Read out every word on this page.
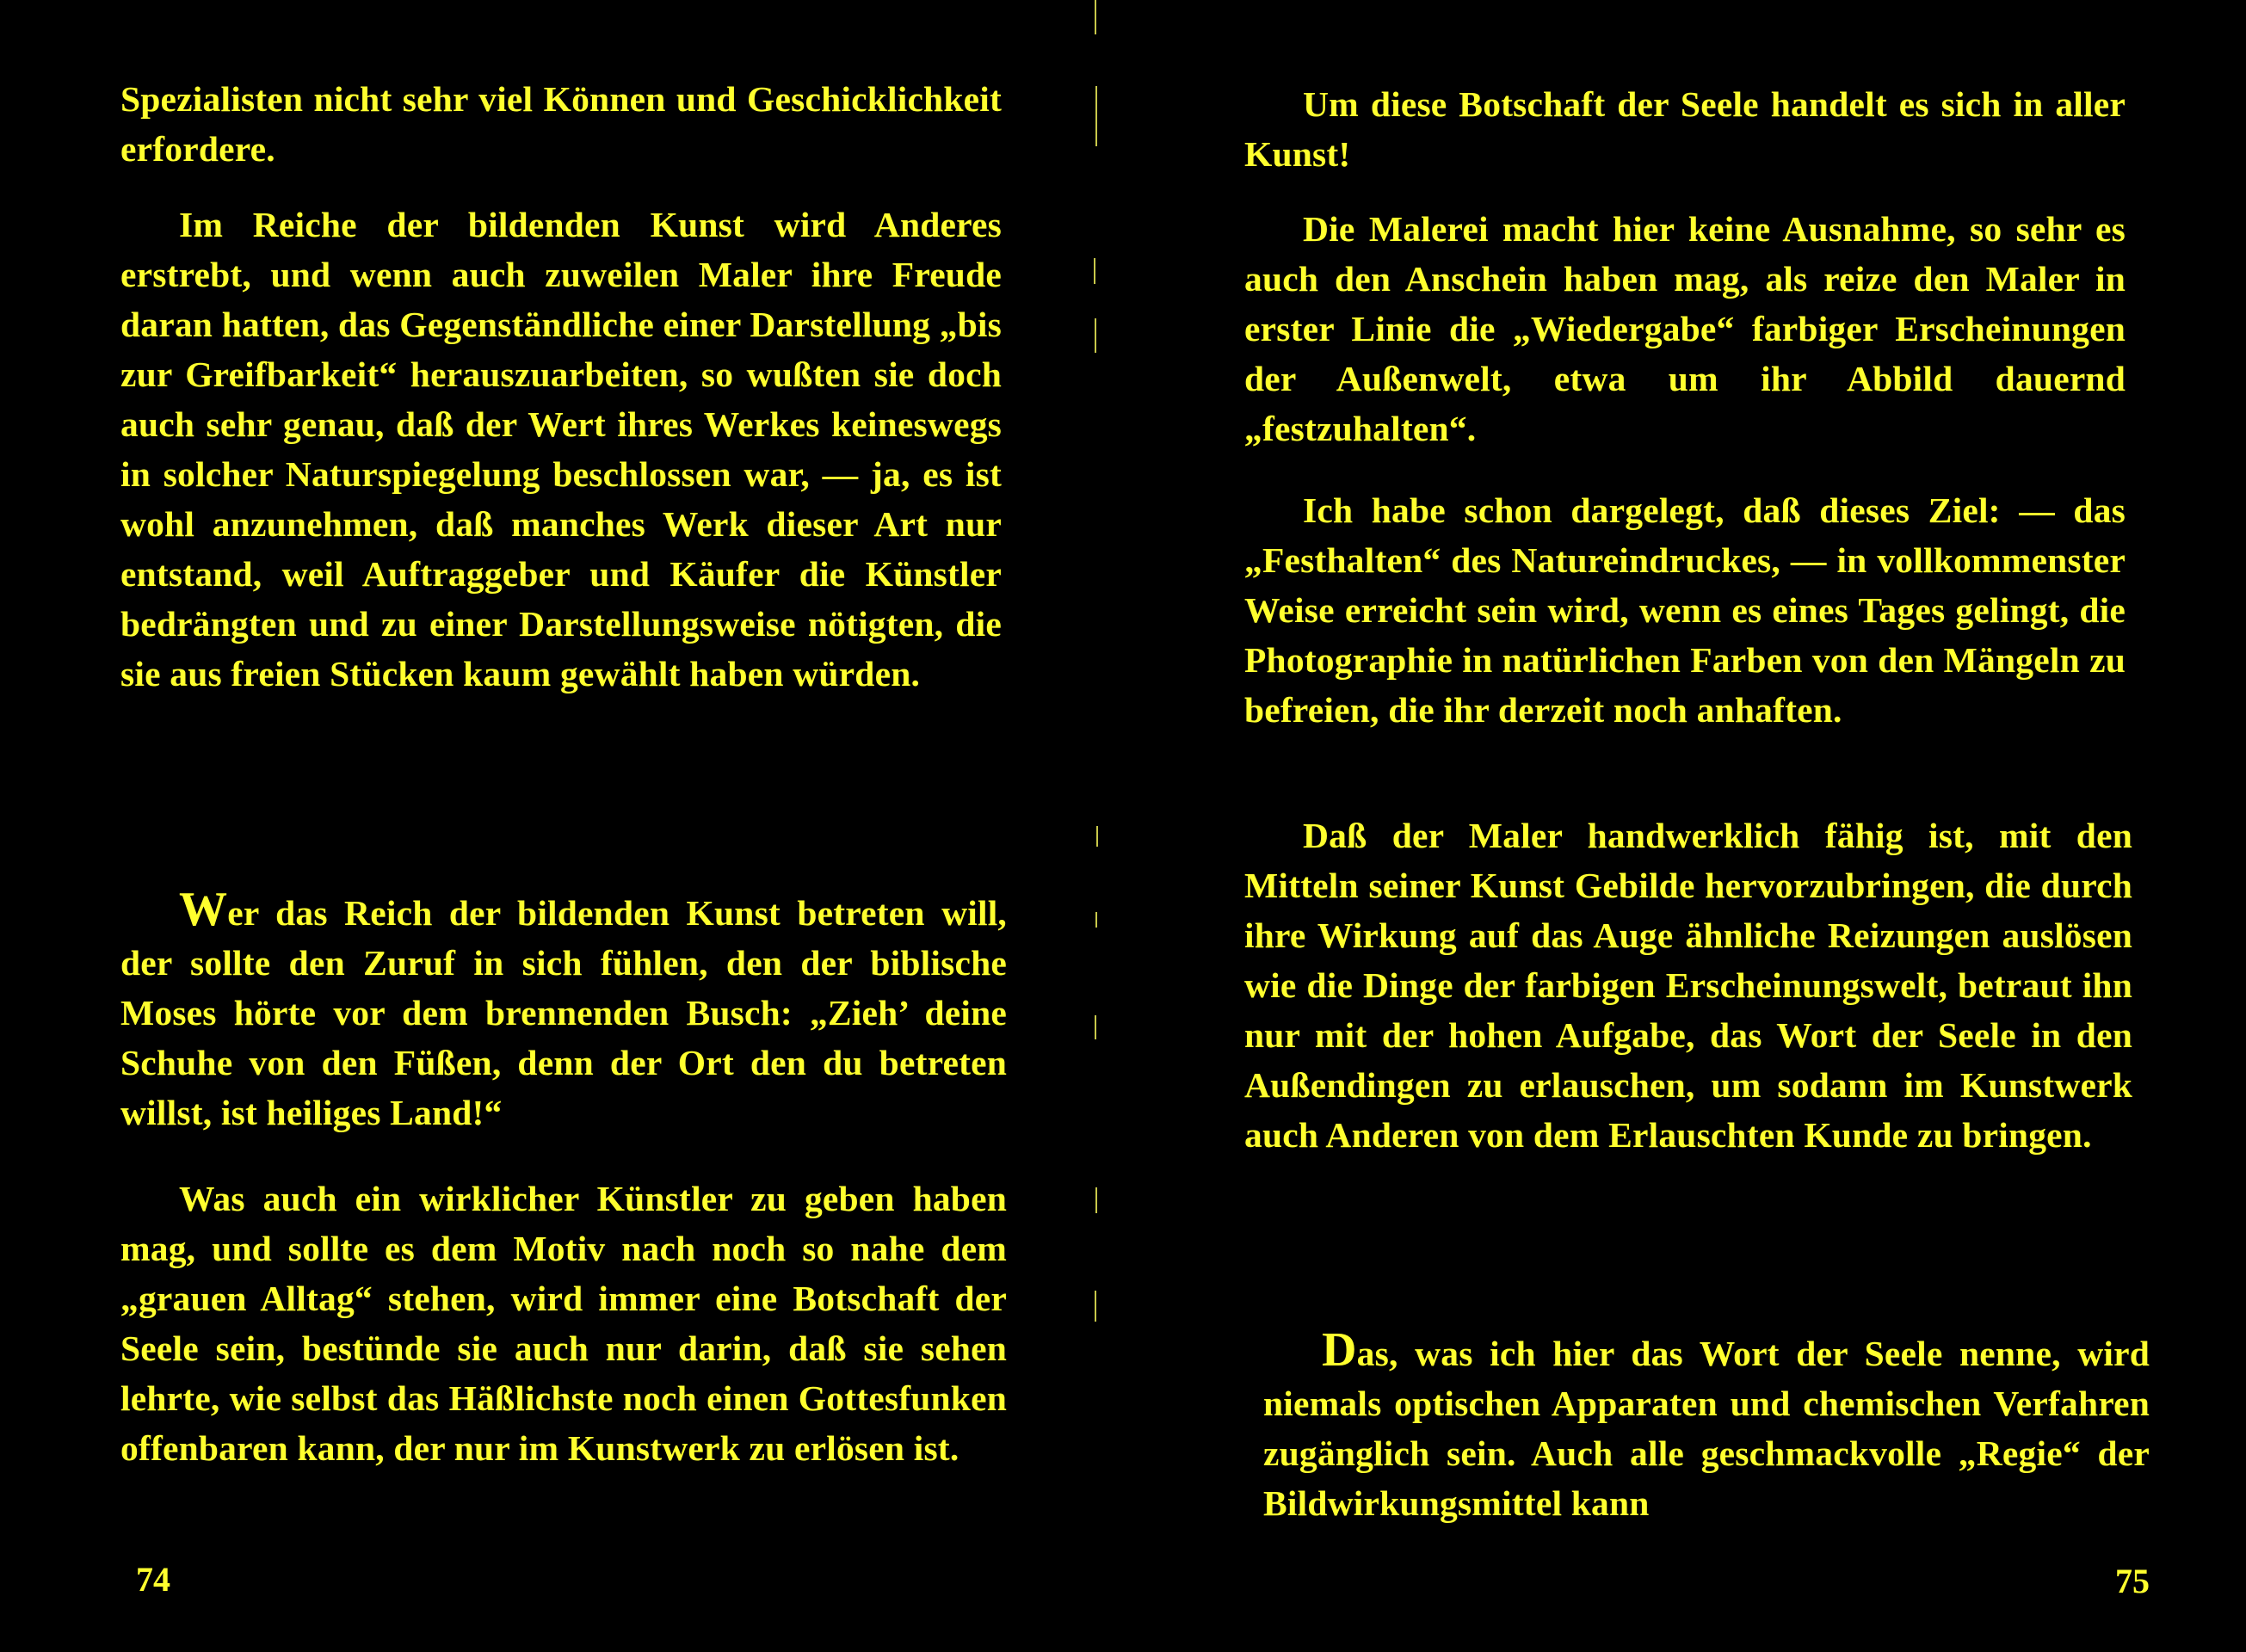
Spezialisten nicht sehr viel Können und Geschicklichkeit erfordere.

Im Reiche der bildenden Kunst wird Anderes erstrebt, und wenn auch zuweilen Maler ihre Freude daran hatten, das Gegenständliche einer Darstellung „bis zur Greifbarkeit“ herauszuarbeiten, so wußten sie doch auch sehr genau, daß der Wert ihres Werkes keineswegs in solcher Naturspiegelung beschlossen war, — ja, es ist wohl anzunehmen, daß manches Werk dieser Art nur entstand, weil Auftraggeber und Käufer die Künstler bedrängten und zu einer Darstellungsweise nötigten, die sie aus freien Stücken kaum gewählt haben würden.

Wer das Reich der bildenden Kunst betreten will, der sollte den Zuruf in sich fühlen, den der biblische Moses hörte vor dem brennenden Busch: „Zieh’ deine Schuhe von den Füßen, denn der Ort den du betreten willst, ist heiliges Land!“

Was auch ein wirklicher Künstler zu geben haben mag, und sollte es dem Motiv nach noch so nahe dem „grauen Alltag“ stehen, wird immer eine Botschaft der Seele sein, bestünde sie auch nur darin, daß sie sehen lehrte, wie selbst das Häßlichste noch einen Gottesfunken offenbaren kann, der nur im Kunstwerk zu erlösen ist.

74

Um diese Botschaft der Seele handelt es sich in aller Kunst!

Die Malerei macht hier keine Ausnahme, so sehr es auch den Anschein haben mag, als reize den Maler in erster Linie die „Wiedergabe“ farbiger Erscheinungen der Außenwelt, etwa um ihr Abbild dauernd „festzuhalten“.

Ich habe schon dargelegt, daß dieses Ziel: — das „Festhalten“ des Natureindruckes, — in vollkommenster Weise erreicht sein wird, wenn es eines Tages gelingt, die Photographie in natürlichen Farben von den Mängeln zu befreien, die ihr derzeit noch anhaften.

Daß der Maler handwerklich fähig ist, mit den Mitteln seiner Kunst Gebilde hervorzubringen, die durch ihre Wirkung auf das Auge ähnliche Reizungen auslösen wie die Dinge der farbigen Erscheinungswelt, betraut ihn nur mit der hohen Aufgabe, das Wort der Seele in den Außendingen zu erlauschen, um sodann im Kunstwerk auch Anderen von dem Erlauschten Kunde zu bringen.

Das, was ich hier das Wort der Seele nenne, wird niemals optischen Apparaten und chemischen Verfahren zugänglich sein. Auch alle geschmackvolle „Regie“ der Bildwirkungsmittel kann

75
